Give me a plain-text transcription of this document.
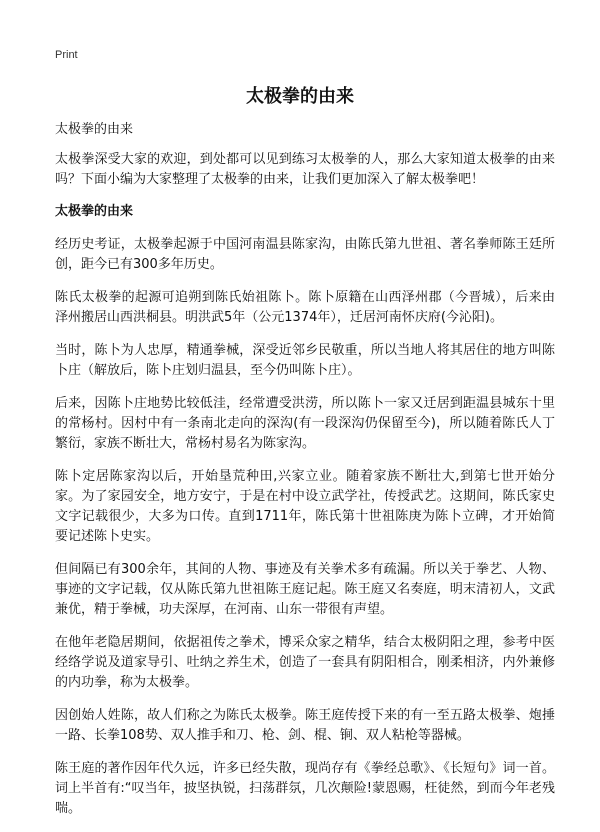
Print
太极拳的由来

太极拳的由来

太极拳深受大家的欢迎，到处都可以见到练习太极拳的人，那么大家知道太极拳的由来吗？下面小编为大家整理了太极拳的由来，让我们更加深入了解太极拳吧！

太极拳的由来

经历史考证，太极拳起源于中国河南温县陈家沟，由陈氏第九世祖、著名拳师陈王廷所创，距今已有300多年历史。

陈氏太极拳的起源可追朔到陈氏始祖陈卜。陈卜原籍在山西泽州郡（今晋城），后来由泽州搬居山西洪桐县。明洪武5年（公元1374年），迁居河南怀庆府(今沁阳)。

当时，陈卜为人忠厚，精通拳械，深受近邻乡民敬重，所以当地人将其居住的地方叫陈卜庄（解放后，陈卜庄划归温县，至今仍叫陈卜庄）。

后来，因陈卜庄地势比较低洼，经常遭受洪涝，所以陈卜一家又迁居到距温县城东十里的常杨村。因村中有一条南北走向的深沟(有一段深沟仍保留至今)，所以随着陈氏人丁繁衍，家族不断壮大，常杨村易名为陈家沟。

陈卜定居陈家沟以后，开始垦荒种田,兴家立业。随着家族不断壮大,到第七世开始分家。为了家园安全，地方安宁，于是在村中设立武学社，传授武艺。这期间，陈氏家史文字记载很少，大多为口传。直到1711年，陈氏第十世祖陈庚为陈卜立碑，才开始简要记述陈卜史实。

但间隔已有300余年，其间的人物、事迹及有关拳术多有疏漏。所以关于拳艺、人物、事迹的文字记载，仅从陈氏第九世祖陈王庭记起。陈王庭又名奏庭，明末清初人，文武兼优，精于拳械，功夫深厚，在河南、山东一带很有声望。

在他年老隐居期间，依据祖传之拳术，博采众家之精华，结合太极阴阳之理，参考中医经络学说及道家导引、吐纳之养生术，创造了一套具有阴阳相合，刚柔相济，内外兼修的内功拳，称为太极拳。

因创始人姓陈，故人们称之为陈氏太极拳。陈王庭传授下来的有一至五路太极拳、炮捶一路、长拳108势、双人推手和刀、枪、剑、棍、锏、双人粘枪等器械。

陈王庭的著作因年代久远，许多已经失散，现尚存有《拳经总歌》、《长短句》词一首。词上半首有:“叹当年，披坚执锐，扫荡群氛，几次颠险!蒙恩赐，枉徒然，到而今年老残喘。
